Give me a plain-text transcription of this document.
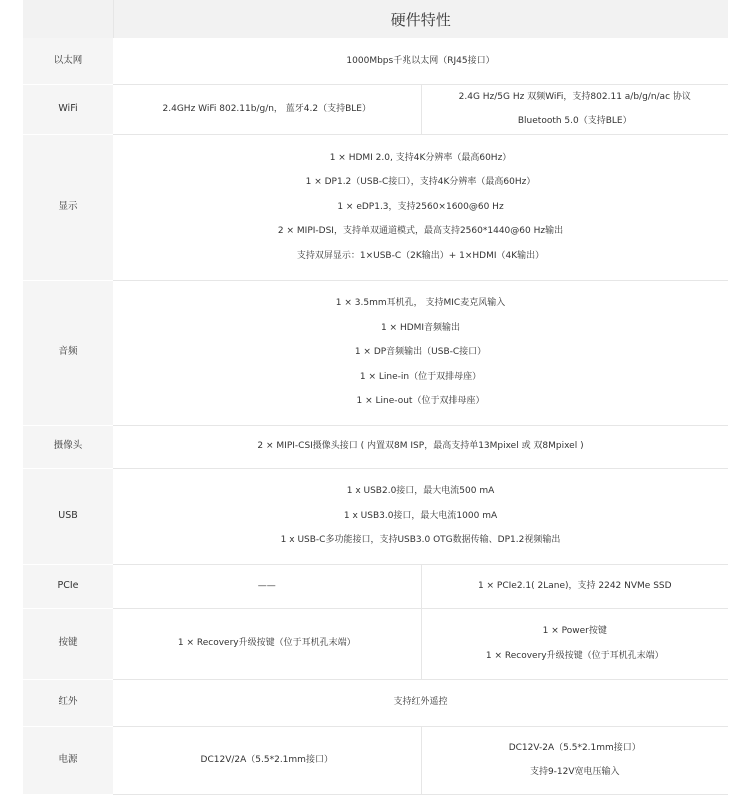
	硬件特性	
以太网	1000Mbps千兆以太网（RJ45接口）	
WiFi	2.4GHz WiFi 802.11b/g/n， 蓝牙4.2（支持BLE）	2.4G Hz/5G Hz 双频WiFi，支持802.11 a/b/g/n/ac 协议
Bluetooth 5.0（支持BLE）

显示	1 × HDMI 2.0, 支持4K分辨率（最高60Hz）
1 × DP1.2（USB-C接口），支持4K分辨率（最高60Hz）
1 × eDP1.3，支持2560×1600@60 Hz
2 × MIPI-DSI，支持单双通道模式，最高支持2560*1440@60 Hz输出
支持双屏显示：1×USB-C（2K输出）+ 1×HDMI（4K输出）	

音频	1 × 3.5mm耳机孔， 支持MIC麦克风输入
1 × HDMI音频输出
1 × DP音频输出（USB-C接口）
1 × Line-in（位于双排母座）
1 × Line-out（位于双排母座）	

摄像头	2 × MIPI-CSI摄像头接口 ( 内置双8M ISP，最高支持单13Mpixel 或 双8Mpixel )	
USB	1 x USB2.0接口，最大电流500 mA
1 x USB3.0接口，最大电流1000 mA
1 x USB-C多功能接口，支持USB3.0 OTG数据传输、DP1.2视频输出	

PCIe	——	1 × PCIe2.1( 2Lane)，支持 2242 NVMe SSD
按键	1 × Recovery升级按键（位于耳机孔末端）	1 × Power按键
1 × Recovery升级按键（位于耳机孔末端）

红外	支持红外遥控	
电源	DC12V/2A（5.5*2.1mm接口）	DC12V-2A（5.5*2.1mm接口）
支持9-12V宽电压输入
